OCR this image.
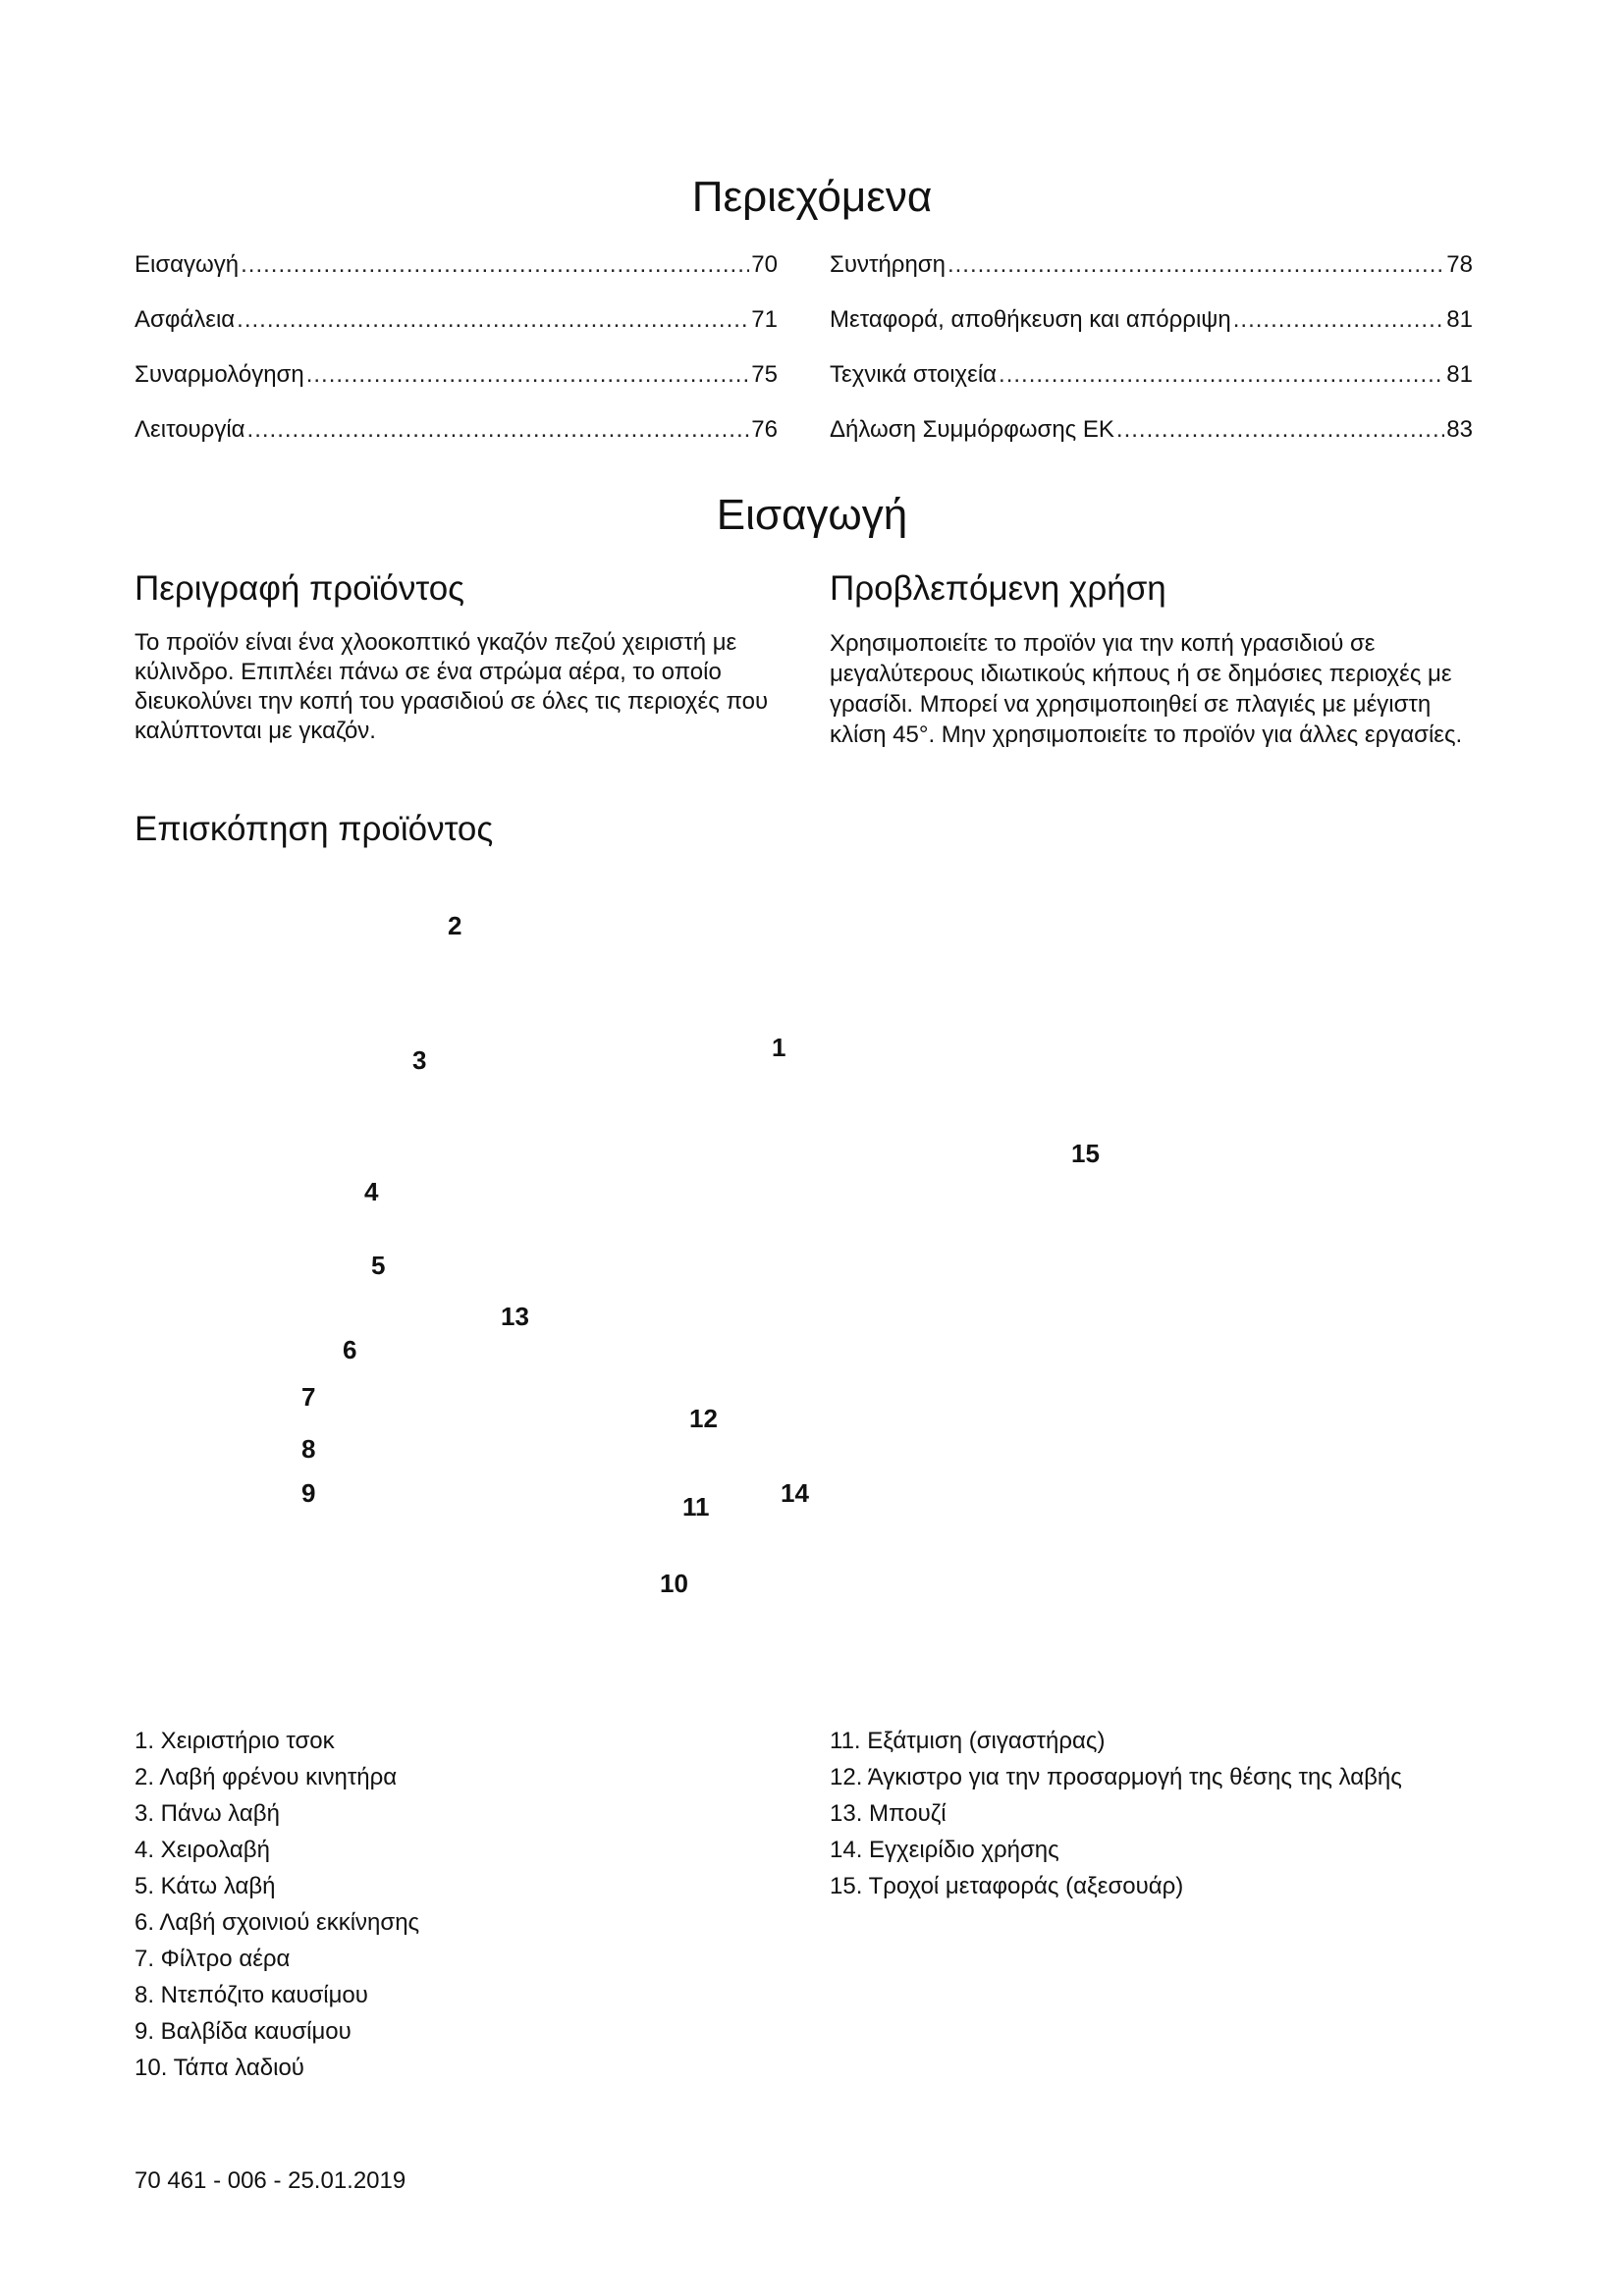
Περιεχόμενα
Εισαγωγή .....	70
Ασφάλεια .....	71
Συναρμολόγηση .....	75
Λειτουργία .....	76
Συντήρηση .....	78
Μεταφορά, αποθήκευση και απόρριψη .....	81
Τεχνικά στοιχεία .....	81
Δήλωση Συμμόρφωσης ΕΚ .....	83
Εισαγωγή
Περιγραφή προϊόντος

Το προϊόν είναι ένα χλοοκοπτικό γκαζόν πεζού χειριστή με κύλινδρο. Επιπλέει πάνω σε ένα στρώμα αέρα, το οποίο διευκολύνει την κοπή του γρασιδιού σε όλες τις περιοχές που καλύπτονται με γκαζόν.

Προβλεπόμενη χρήση

Χρησιμοποιείτε το προϊόν για την κοπή γρασιδιού σε μεγαλύτερους ιδιωτικούς κήπους ή σε δημόσιες περιοχές με γρασίδι. Μπορεί να χρησιμοποιηθεί σε πλαγιές με μέγιστη κλίση 45°. Μην χρησιμοποιείτε το προϊόν για άλλες εργασίες.

Επισκόπηση προϊόντος
1
2
3
4
5
6
7
8
9
10
11
12
13
14
15
1. Χειριστήριο τσοκ
2. Λαβή φρένου κινητήρα
3. Πάνω λαβή
4. Χειρολαβή
5. Κάτω λαβή
6. Λαβή σχοινιού εκκίνησης
7. Φίλτρο αέρα
8. Ντεπόζιτο καυσίμου
9. Βαλβίδα καυσίμου
10. Τάπα λαδιού
11. Εξάτμιση (σιγαστήρας)
12. Άγκιστρο για την προσαρμογή της θέσης της λαβής
13. Μπουζί
14. Εγχειρίδιο χρήσης
15. Τροχοί μεταφοράς (αξεσουάρ)
70 461 - 006 - 25.01.2019
